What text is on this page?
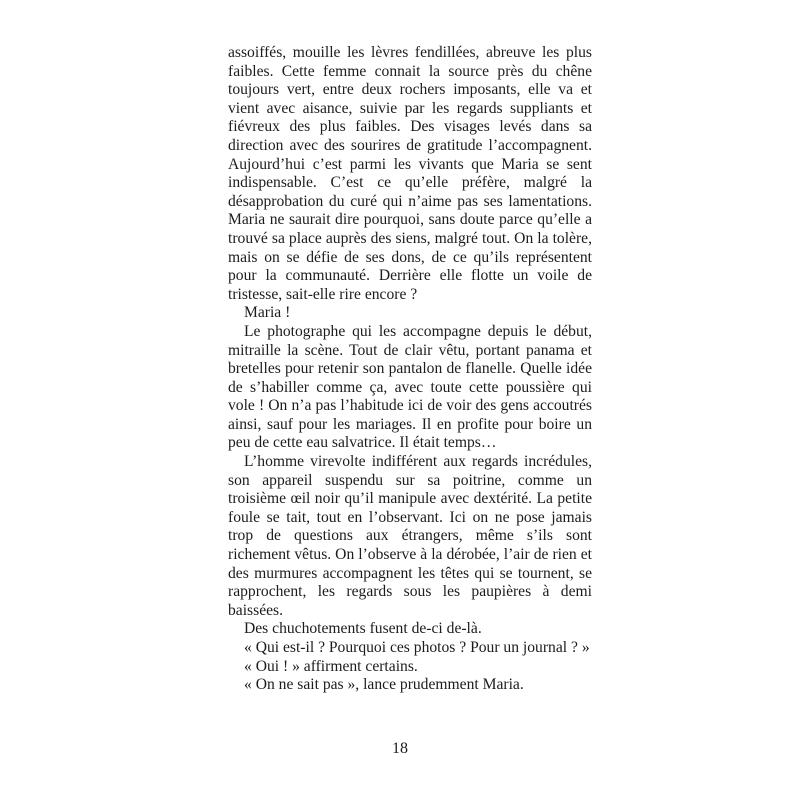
assoiffés, mouille les lèvres fendillées, abreuve les plus faibles. Cette femme connait la source près du chêne toujours vert, entre deux rochers imposants, elle va et vient avec aisance, suivie par les regards suppliants et fiévreux des plus faibles. Des visages levés dans sa direction avec des sourires de gratitude l’accompagnent. Aujourd’hui c’est parmi les vivants que Maria se sent indispensable. C’est ce qu’elle préfère, malgré la désapprobation du curé qui n’aime pas ses lamentations. Maria ne saurait dire pourquoi, sans doute parce qu’elle a trouvé sa place auprès des siens, malgré tout. On la tolère, mais on se défie de ses dons, de ce qu’ils représentent pour la communauté. Derrière elle flotte un voile de tristesse, sait-elle rire encore ?

Maria !

Le photographe qui les accompagne depuis le début, mitraille la scène. Tout de clair vêtu, portant panama et bretelles pour retenir son pantalon de flanelle. Quelle idée de s’habiller comme ça, avec toute cette poussière qui vole ! On n’a pas l’habitude ici de voir des gens accoutrés ainsi, sauf pour les mariages. Il en profite pour boire un peu de cette eau salvatrice. Il était temps…

L’homme virevolte indifférent aux regards incrédules, son appareil suspendu sur sa poitrine, comme un troisième œil noir qu’il manipule avec dextérité. La petite foule se tait, tout en l’observant. Ici on ne pose jamais trop de questions aux étrangers, même s’ils sont richement vêtus. On l’observe à la dérobée, l’air de rien et des murmures accompagnent les têtes qui se tournent, se rapprochent, les regards sous les paupières à demi baissées.

Des chuchotements fusent de-ci de-là.

« Qui est-il ? Pourquoi ces photos ? Pour un journal ? »

« Oui ! » affirment certains.

« On ne sait pas », lance prudemment Maria.

18
